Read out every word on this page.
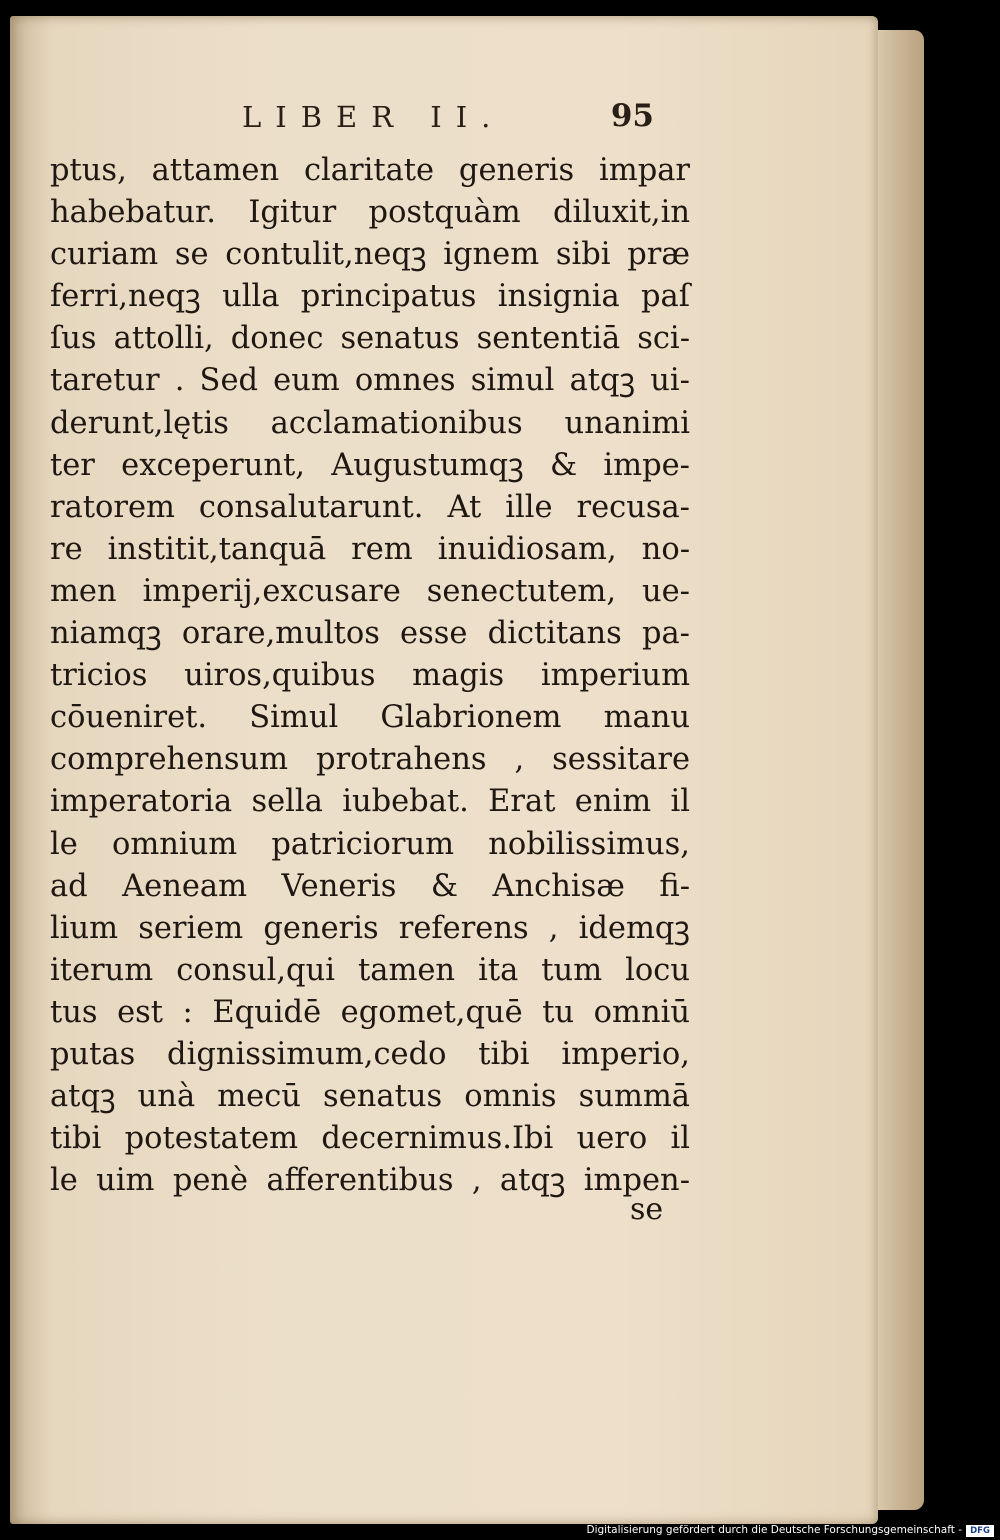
LIBER II.	95
ptus, attamen claritate generis impar
habebatur. Igitur postquàm diluxit,in
curiam se contulit,neqꝫ ignem sibi præ
ferri,neqꝫ ulla principatus insignia paſ
ſus attolli, donec senatus sententiā sci-
taretur . Sed eum omnes simul atqꝫ ui-
derunt,lętis acclamationibus unanimi
ter exceperunt, Augustumqꝫ & impe-
ratorem consalutarunt. At ille recusa-
re institit,tanquā rem inuidiosam, no-
men imperij,excusare senectutem, ue-
niamqꝫ orare,multos esse dictitans pa-
tricios uiros,quibus magis imperium
cōueniret. Simul Glabrionem manu
comprehensum protrahens , sessitare
imperatoria sella iubebat. Erat enim il
le omnium patriciorum nobilissimus,
ad Aeneam Veneris & Anchisæ fi-
lium seriem generis referens , idemqꝫ
iterum consul,qui tamen ita tum locu
tus est : Equidē egomet,quē tu omniū
putas dignissimum,cedo tibi imperio,
atqꝫ unà mecū senatus omnis summā
tibi potestatem decernimus.Ibi uero il
le uim penè afferentibus , atqꝫ impen-
se
Digitalisierung gefördert durch die Deutsche Forschungsgemeinschaft - DFG
